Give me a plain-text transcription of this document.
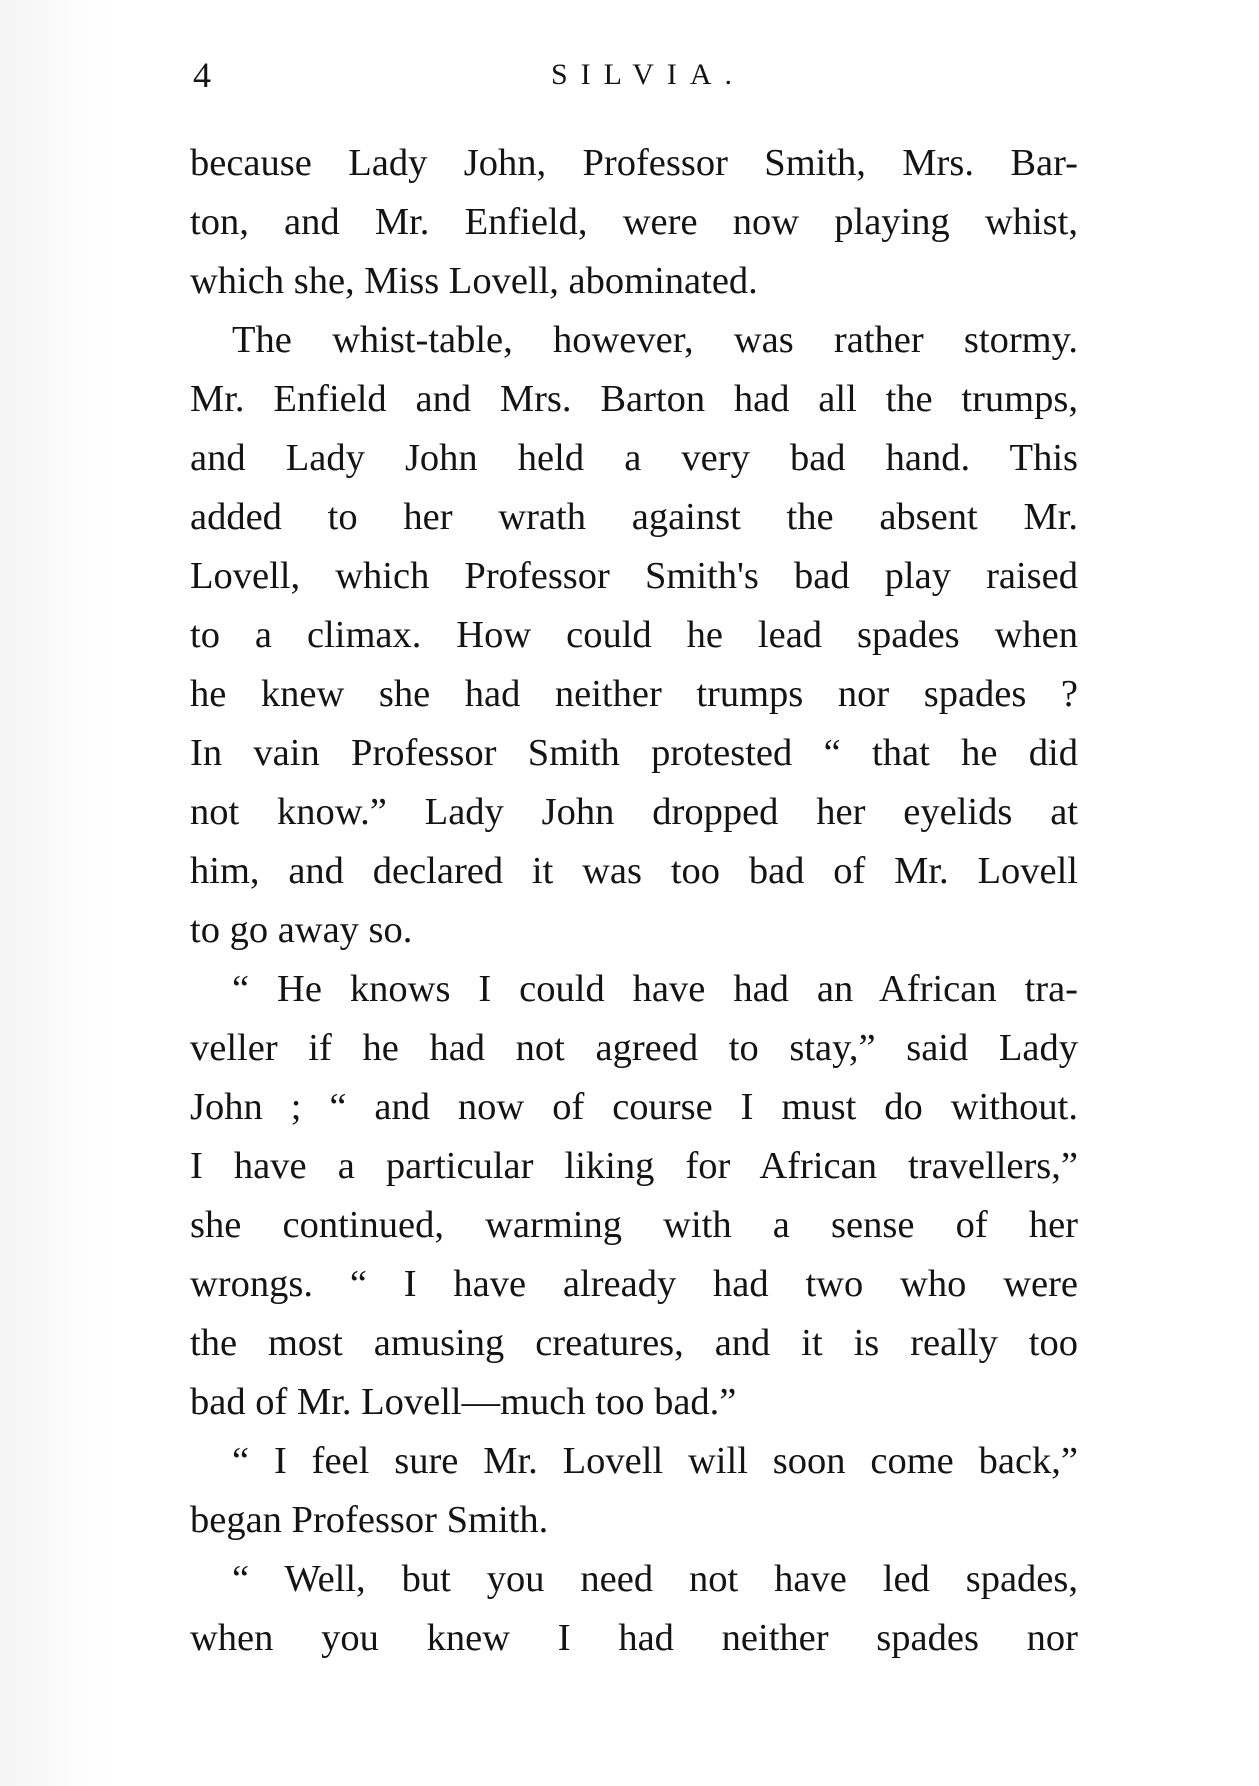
4	SILVIA.
because Lady John, Professor Smith, Mrs. Bar-
ton, and Mr. Enfield, were now playing whist,
which she, Miss Lovell, abominated.
The whist-table, however, was rather stormy.
Mr. Enfield and Mrs. Barton had all the trumps,
and Lady John held a very bad hand. This
added to her wrath against the absent Mr.
Lovell, which Professor Smith's bad play raised
to a climax. How could he lead spades when
he knew she had neither trumps nor spades ?
In vain Professor Smith protested “ that he did
not know.” Lady John dropped her eyelids at
him, and declared it was too bad of Mr. Lovell
to go away so.
“ He knows I could have had an African tra-
veller if he had not agreed to stay,” said Lady
John ; “ and now of course I must do without.
I have a particular liking for African travellers,”
she continued, warming with a sense of her
wrongs. “ I have already had two who were
the most amusing creatures, and it is really too
bad of Mr. Lovell—much too bad.”
“ I feel sure Mr. Lovell will soon come back,”
began Professor Smith.
“ Well, but you need not have led spades,
when you knew I had neither spades nor
